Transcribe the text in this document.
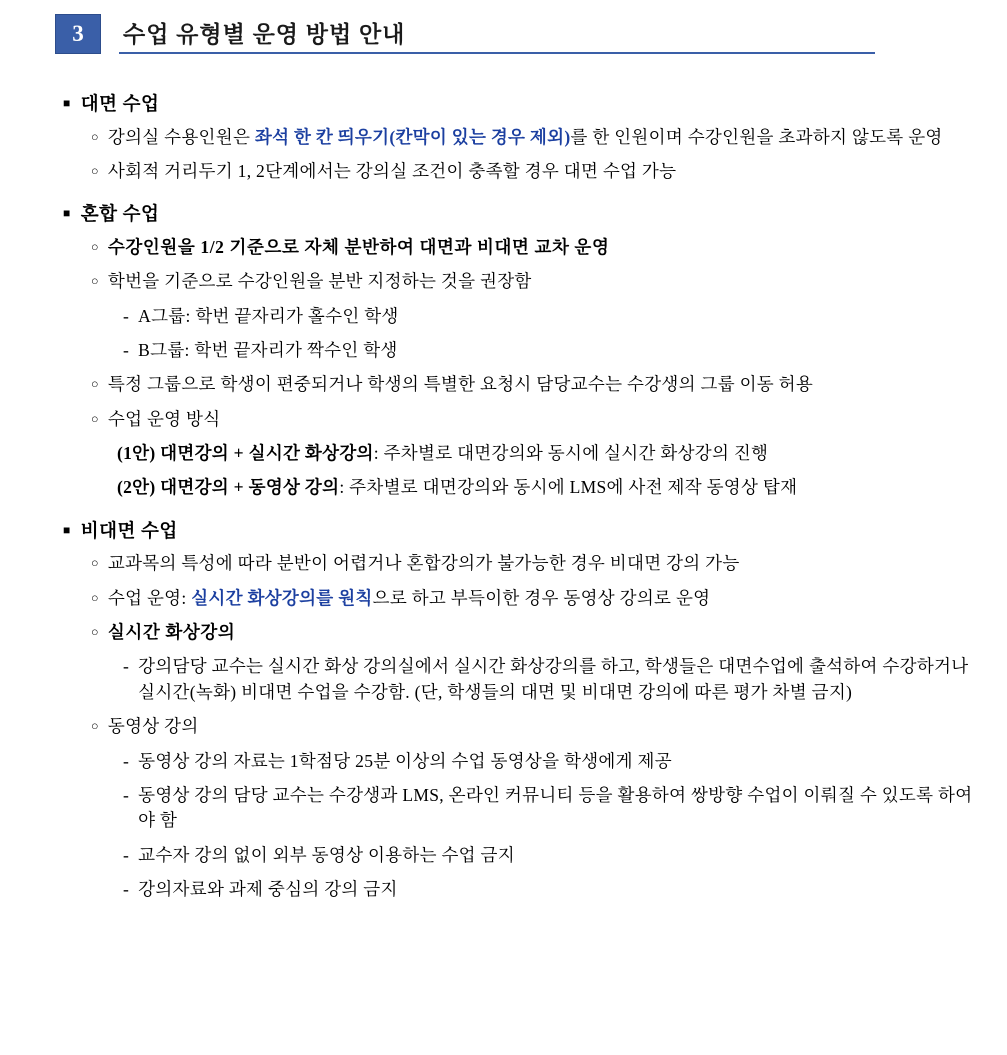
3	수업 유형별 운영 방법 안내
■ 대면 수업
○ 강의실 수용인원은 좌석 한 칸 띄우기(칸막이 있는 경우 제외)를 한 인원이며 수강인원을 초과하지 않도록 운영
○ 사회적 거리두기 1, 2단계에서는 강의실 조건이 충족할 경우 대면 수업 가능
■ 혼합 수업
○ 수강인원을 1/2 기준으로 자체 분반하여 대면과 비대면 교차 운영
○ 학번을 기준으로 수강인원을 분반 지정하는 것을 권장함
- A그룹: 학번 끝자리가 홀수인 학생
- B그룹: 학번 끝자리가 짝수인 학생
○ 특정 그룹으로 학생이 편중되거나 학생의 특별한 요청시 담당교수는 수강생의 그룹 이동 허용
○ 수업 운영 방식
(1안) 대면강의 + 실시간 화상강의: 주차별로 대면강의와 동시에 실시간 화상강의 진행
(2안) 대면강의 + 동영상 강의: 주차별로 대면강의와 동시에 LMS에 사전 제작 동영상 탑재
■ 비대면 수업
○ 교과목의 특성에 따라 분반이 어렵거나 혼합강의가 불가능한 경우 비대면 강의 가능
○ 수업 운영: 실시간 화상강의를 원칙으로 하고 부득이한 경우 동영상 강의로 운영
○ 실시간 화상강의
- 강의담당 교수는 실시간 화상 강의실에서 실시간 화상강의를 하고, 학생들은 대면수업에 출석하여 수강하거나 실시간(녹화) 비대면 수업을 수강함. (단, 학생들의 대면 및 비대면 강의에 따른 평가 차별 금지)
○ 동영상 강의
- 동영상 강의 자료는 1학점당 25분 이상의 수업 동영상을 학생에게 제공
- 동영상 강의 담당 교수는 수강생과 LMS, 온라인 커뮤니티 등을 활용하여 쌍방향 수업이 이뤄질 수 있도록 하여야 함
- 교수자 강의 없이 외부 동영상 이용하는 수업 금지
- 강의자료와 과제 중심의 강의 금지
